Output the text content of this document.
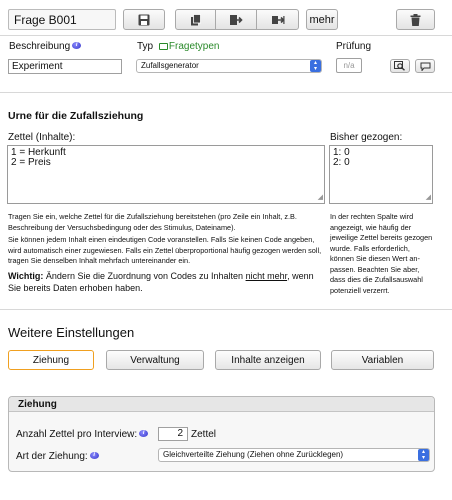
Frage B001	mehr
Beschreibung i
Experiment
Typ Fragetypen
Zufallsgenerator	▴
▾
Prüfung
n/a
Urne für die Zufallsziehung
Zettel (Inhalte):
1 = Herkunft
2 = Preis
◢
Bisher gezogen:
1: 0
2: 0
◢
Tragen Sie ein, welche Zettel für die Zufallsziehung bereitstehen (pro Zeile ein Inhalt, z.B. Beschreibung der Versuchsbedingung oder des Stimulus, Dateiname).
Sie können jedem Inhalt einen eindeutigen Code voranstellen. Falls Sie keinen Code angeben, wird automatisch einer zugewiesen. Falls ein Zettel überproportional häufig gezogen werden soll, tragen Sie denselben Inhalt mehrfach untereinander ein.
Wichtig: Ändern Sie die Zuordnung von Codes zu Inhalten nicht mehr, wenn Sie bereits Daten erhoben haben.
In der rechten Spalte wird angezeigt, wie häufig der jeweilige Zettel bereits gezogen wurde. Falls erforderlich, können Sie diesen Wert anpassen. Beachten Sie aber, dass dies die Zufallsauswahl potenziell verzerrt.
Weitere Einstellungen
Ziehung	Verwaltung	Inhalte anzeigen	Variablen
Ziehung
Anzahl Zettel pro Interview: i	2 Zettel
Art der Ziehung: i	Gleichverteilte Ziehung (Ziehen ohne Zurücklegen)	▴
▾
